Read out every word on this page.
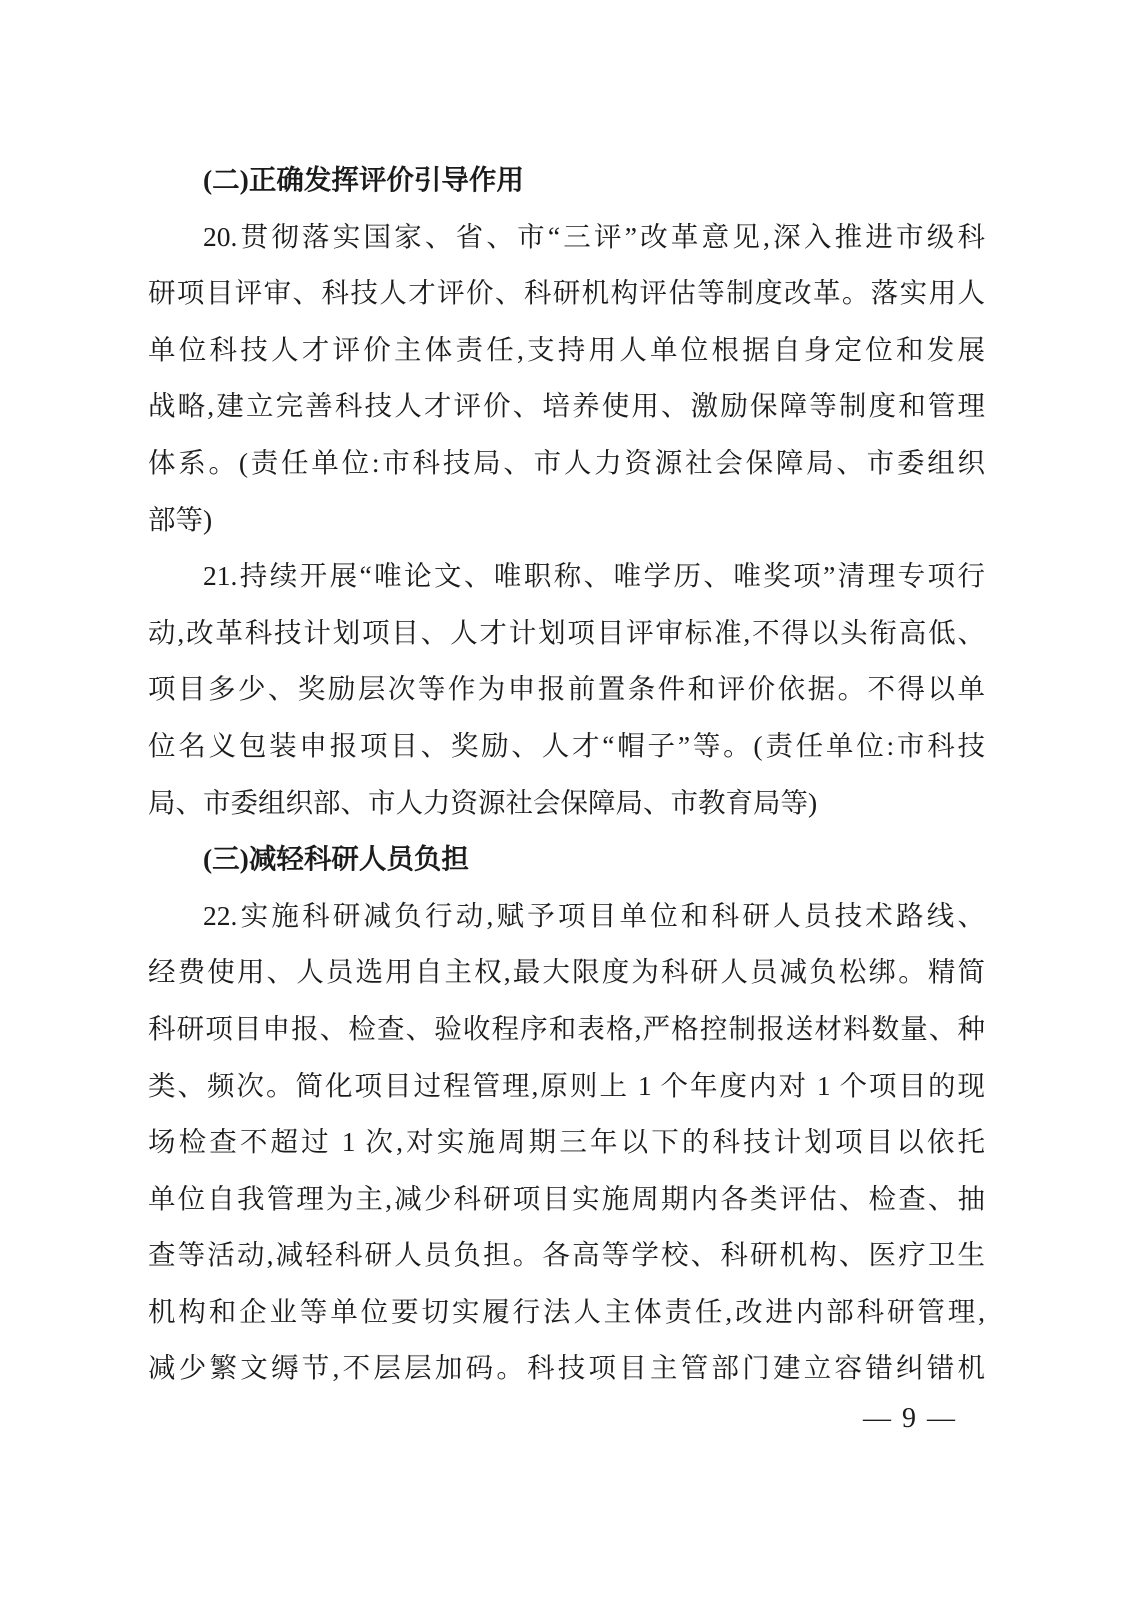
(二)正确发挥评价引导作用
20.贯彻落实国家、省、市“三评”改革意见,深入推进市级科
研项目评审、科技人才评价、科研机构评估等制度改革。落实用人
单位科技人才评价主体责任,支持用人单位根据自身定位和发展
战略,建立完善科技人才评价、培养使用、激励保障等制度和管理
体系。(责任单位:市科技局、市人力资源社会保障局、市委组织
部等)
21.持续开展“唯论文、唯职称、唯学历、唯奖项”清理专项行
动,改革科技计划项目、人才计划项目评审标准,不得以头衔高低、
项目多少、奖励层次等作为申报前置条件和评价依据。不得以单
位名义包装申报项目、奖励、人才“帽子”等。(责任单位:市科技
局、市委组织部、市人力资源社会保障局、市教育局等)
(三)减轻科研人员负担
22.实施科研减负行动,赋予项目单位和科研人员技术路线、
经费使用、人员选用自主权,最大限度为科研人员减负松绑。精简
科研项目申报、检查、验收程序和表格,严格控制报送材料数量、种
类、频次。简化项目过程管理,原则上 1 个年度内对 1 个项目的现
场检查不超过 1 次,对实施周期三年以下的科技计划项目以依托
单位自我管理为主,减少科研项目实施周期内各类评估、检查、抽
查等活动,减轻科研人员负担。各高等学校、科研机构、医疗卫生
机构和企业等单位要切实履行法人主体责任,改进内部科研管理,
减少繁文缛节,不层层加码。科技项目主管部门建立容错纠错机
— 9 —
